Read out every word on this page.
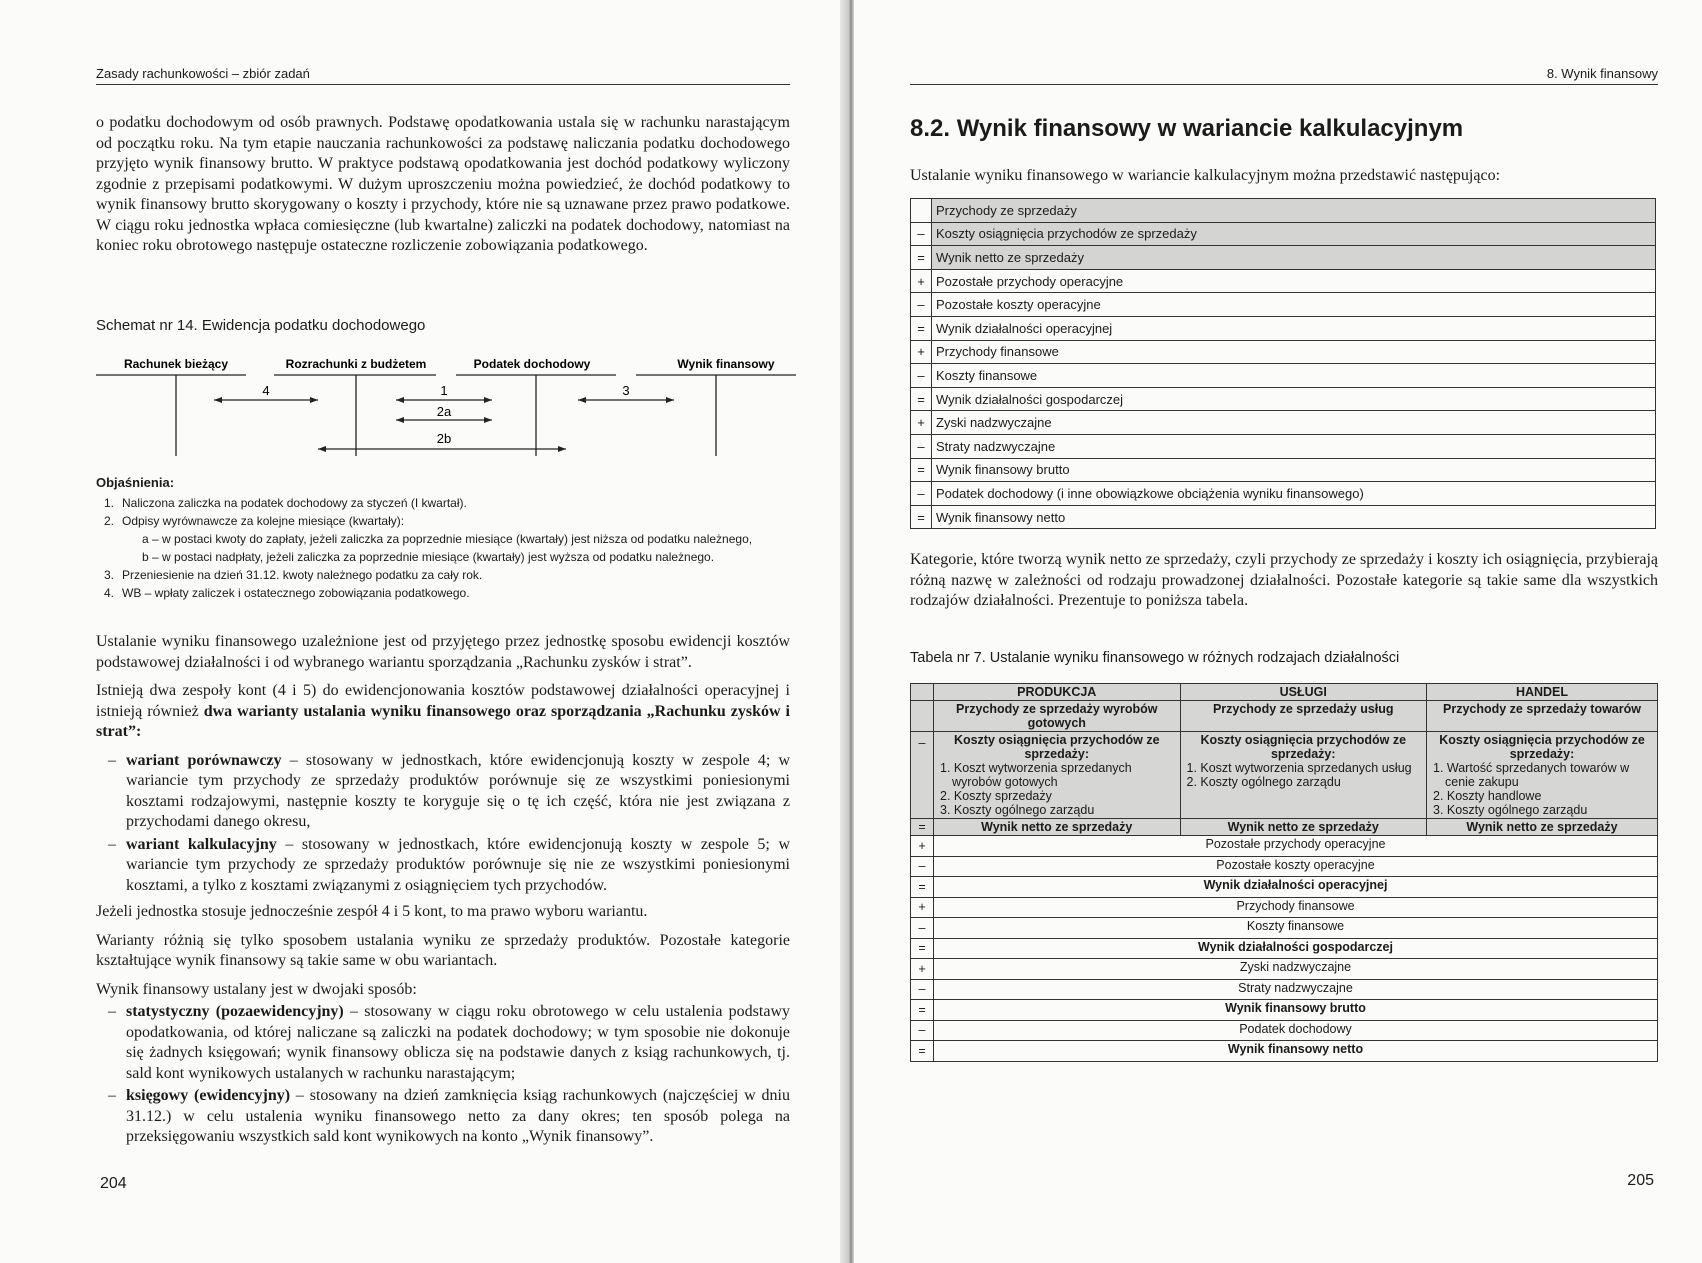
Zasady rachunkowości – zbiór zadań

o podatku dochodowym od osób prawnych. Podstawę opodatkowania ustala się w rachunku narastającym od początku roku. Na tym etapie nauczania rachunkowości za podstawę naliczania podatku dochodowego przyjęto wynik finansowy brutto. W praktyce podstawą opodatkowania jest dochód podatkowy wyliczony zgodnie z przepisami podatkowymi. W dużym uproszczeniu można powiedzieć, że dochód podatkowy to wynik finansowy brutto skorygowany o koszty i przychody, które nie są uznawane przez prawo podatkowe. W ciągu roku jednostka wpłaca comiesięczne (lub kwartalne) zaliczki na podatek dochodowy, natomiast na koniec roku obrotowego następuje ostateczne rozliczenie zobowiązania podatkowego.

Schemat nr 14. Ewidencja podatku dochodowego
Rachunek bieżący	Rozrachunki z budżetem	Podatek dochodowy	Wynik finansowy
4	1
2a
2b
3
Objaśnienia:
1. Naliczona zaliczka na podatek dochodowy za styczeń (I kwartał).
2. Odpisy wyrównawcze za kolejne miesiące (kwartały):
a – w postaci kwoty do zapłaty, jeżeli zaliczka za poprzednie miesiące (kwartały) jest niższa od podatku należnego,
b – w postaci nadpłaty, jeżeli zaliczka za poprzednie miesiące (kwartały) jest wyższa od podatku należnego.
3. Przeniesienie na dzień 31.12. kwoty należnego podatku za cały rok.
4. WB – wpłaty zaliczek i ostatecznego zobowiązania podatkowego.

Ustalanie wyniku finansowego uzależnione jest od przyjętego przez jednostkę sposobu ewidencji kosztów podstawowej działalności i od wybranego wariantu sporządzania „Rachunku zysków i strat”.

Istnieją dwa zespoły kont (4 i 5) do ewidencjonowania kosztów podstawowej działalności operacyjnej i istnieją również dwa warianty ustalania wyniku finansowego oraz sporządzania „Rachunku zysków i strat”:

– wariant porównawczy – stosowany w jednostkach, które ewidencjonują koszty w zespole 4; w wariancie tym przychody ze sprzedaży produktów porównuje się ze wszystkimi poniesionymi kosztami rodzajowymi, następnie koszty te koryguje się o tę ich część, która nie jest związana z przychodami danego okresu,
– wariant kalkulacyjny – stosowany w jednostkach, które ewidencjonują koszty w zespole 5; w wariancie tym przychody ze sprzedaży produktów porównuje się nie ze wszystkimi poniesionymi kosztami, a tylko z kosztami związanymi z osiągnięciem tych przychodów.

Jeżeli jednostka stosuje jednocześnie zespół 4 i 5 kont, to ma prawo wyboru wariantu.

Warianty różnią się tylko sposobem ustalania wyniku ze sprzedaży produktów. Pozostałe kategorie kształtujące wynik finansowy są takie same w obu wariantach.

Wynik finansowy ustalany jest w dwojaki sposób:

– statystyczny (pozaewidencyjny) – stosowany w ciągu roku obrotowego w celu ustalenia podstawy opodatkowania, od której naliczane są zaliczki na podatek dochodowy; w tym sposobie nie dokonuje się żadnych księgowań; wynik finansowy oblicza się na podstawie danych z ksiąg rachunkowych, tj. sald kont wynikowych ustalanych w rachunku narastającym;
– księgowy (ewidencyjny) – stosowany na dzień zamknięcia ksiąg rachunkowych (najczęściej w dniu 31.12.) w celu ustalenia wyniku finansowego netto za dany okres; ten sposób polega na przeksięgowaniu wszystkich sald kont wynikowych na konto „Wynik finansowy”.
204
8. Wynik finansowy
8.2. Wynik finansowy w wariancie kalkulacyjnym
Ustalanie wyniku finansowego w wariancie kalkulacyjnym można przedstawić następująco:
	Przychody ze sprzedaży
–	Koszty osiągnięcia przychodów ze sprzedaży
=	Wynik netto ze sprzedaży
+	Pozostałe przychody operacyjne
–	Pozostałe koszty operacyjne
=	Wynik działalności operacyjnej
+	Przychody finansowe
–	Koszty finansowe
=	Wynik działalności gospodarczej
+	Zyski nadzwyczajne
–	Straty nadzwyczajne
=	Wynik finansowy brutto
–	Podatek dochodowy (i inne obowiązkowe obciążenia wyniku finansowego)
=	Wynik finansowy netto
Kategorie, które tworzą wynik netto ze sprzedaży, czyli przychody ze sprzedaży i koszty ich osiągnięcia, przybierają różną nazwę w zależności od rodzaju prowadzonej działalności. Pozostałe kategorie są takie same dla wszystkich rodzajów działalności. Prezentuje to poniższa tabela.
Tabela nr 7. Ustalanie wyniku finansowego w różnych rodzajach działalności
	PRODUKCJA	USŁUGI	HANDEL
	Przychody ze sprzedaży wyrobów gotowych	Przychody ze sprzedaży usług	Przychody ze sprzedaży towarów
–	Koszty osiągnięcia przychodów ze sprzedaży:
1. Koszt wytworzenia sprzedanych wyrobów gotowych
2. Koszty sprzedaży
3. Koszty ogólnego zarządu	Koszty osiągnięcia przychodów ze sprzedaży:
1. Koszt wytworzenia sprzedanych usług
2. Koszty ogólnego zarządu	Koszty osiągnięcia przychodów ze sprzedaży:
1. Wartość sprzedanych towarów w cenie zakupu
2. Koszty handlowe
3. Koszty ogólnego zarządu

=	Wynik netto ze sprzedaży	Wynik netto ze sprzedaży	Wynik netto ze sprzedaży
+	Pozostałe przychody operacyjne		
–	Pozostałe koszty operacyjne		
=	Wynik działalności operacyjnej		
+	Przychody finansowe		
–	Koszty finansowe		
=	Wynik działalności gospodarczej		
+	Zyski nadzwyczajne		
–	Straty nadzwyczajne		
=	Wynik finansowy brutto		
–	Podatek dochodowy		
=	Wynik finansowy netto		
205
